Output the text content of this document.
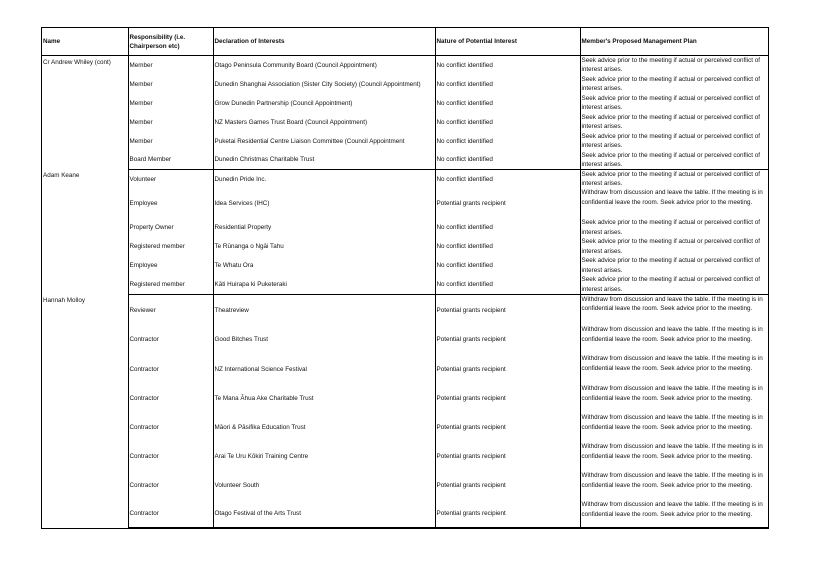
Name	Responsibility (i.e. Chairperson etc)	Declaration of Interests	Nature of Potential Interest	Member's Proposed Management Plan
Cr Andrew Whiley (cont)	Member	Otago Peninsula Community Board (Council Appointment)	No conflict identified	Seek advice prior to the meeting if actual or perceived conflict of interest arises.
	Member	Dunedin Shanghai Association (Sister City Society) (Council Appointment)	No conflict identified	Seek advice prior to the meeting if actual or perceived conflict of interest arises.
	Member	Grow Dunedin Partnership (Council Appointment)	No conflict identified	Seek advice prior to the meeting if actual or perceived conflict of interest arises.
	Member	NZ Masters Games Trust Board (Council Appointment)	No conflict identified	Seek advice prior to the meeting if actual or perceived conflict of interest arises.
	Member	Puketai Residential Centre Liaison Committee (Council Appointment	No conflict identified	Seek advice prior to the meeting if actual or perceived conflict of interest arises.
	Board Member	Dunedin Christmas Charitable Trust	No conflict identified	Seek advice prior to the meeting if actual or perceived conflict of interest arises.
Adam Keane	Volunteer	Dunedin Pride Inc.	No conflict identified	Seek advice prior to the meeting if actual or perceived conflict of interest arises.
	Employee	Idea Services (IHC)	Potential grants recipient	Withdraw from discussion and leave the table. If the meeting is in confidential leave the room. Seek advice prior to the meeting.
	Property Owner	Residential Property	No conflict identified	Seek advice prior to the meeting if actual or perceived conflict of interest arises.
	Registered member	Te Rūnanga o Ngāi Tahu	No conflict identified	Seek advice prior to the meeting if actual or perceived conflict of interest arises.
	Employee	Te Whatu Ora	No conflict identified	Seek advice prior to the meeting if actual or perceived conflict of interest arises.
	Registered member	Kāti Huirapa ki Puketeraki	No conflict identified	Seek advice prior to the meeting if actual or perceived conflict of interest arises.
Hannah Molloy	Reviewer	Theatreview	Potential grants recipient	Withdraw from discussion and leave the table. If the meeting is in confidential leave the room. Seek advice prior to the meeting.
	Contractor	Good Bitches Trust	Potential grants recipient	Withdraw from discussion and leave the table. If the meeting is in confidential leave the room. Seek advice prior to the meeting.
	Contractor	NZ International Science Festival	Potential grants recipient	Withdraw from discussion and leave the table. If the meeting is in confidential leave the room. Seek advice prior to the meeting.
	Contractor	Te Mana Āhua Ake Charitable Trust	Potential grants recipient	Withdraw from discussion and leave the table. If the meeting is in confidential leave the room. Seek advice prior to the meeting.
	Contractor	Māori & Pāsifika Education Trust	Potential grants recipient	Withdraw from discussion and leave the table. If the meeting is in confidential leave the room. Seek advice prior to the meeting.
	Contractor	Arai Te Uru Kōkiri Training Centre	Potential grants recipient	Withdraw from discussion and leave the table. If the meeting is in confidential leave the room. Seek advice prior to the meeting.
	Contractor	Volunteer South	Potential grants recipient	Withdraw from discussion and leave the table. If the meeting is in confidential leave the room. Seek advice prior to the meeting.
	Contractor	Otago Festival of the Arts Trust	Potential grants recipient	Withdraw from discussion and leave the table. If the meeting is in confidential leave the room. Seek advice prior to the meeting.
